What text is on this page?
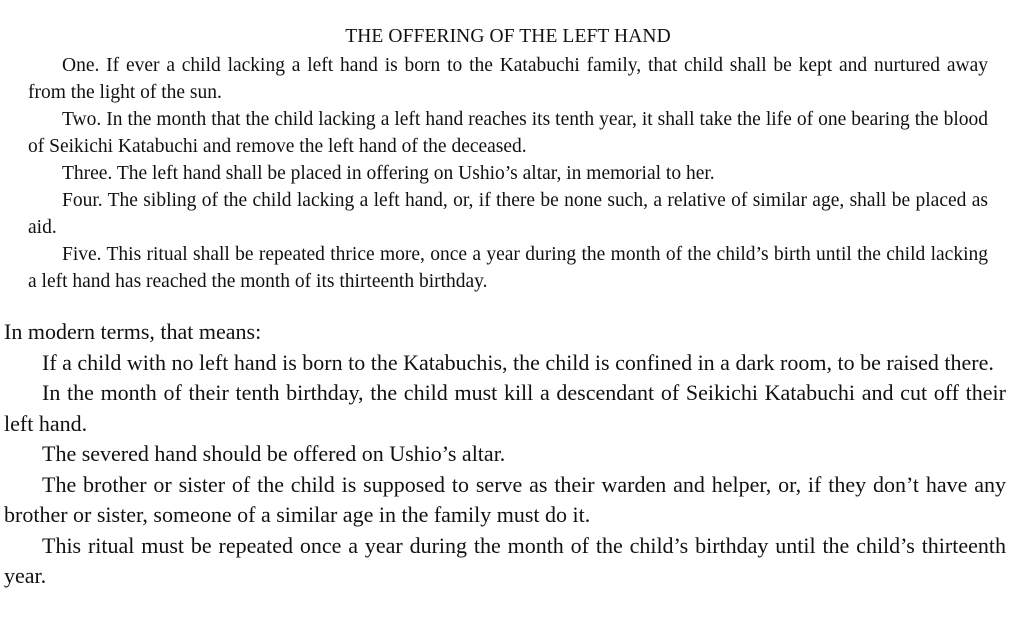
THE OFFERING OF THE LEFT HAND

One. If ever a child lacking a left hand is born to the Katabuchi family, that child shall be kept and nurtured away from the light of the sun.

Two. In the month that the child lacking a left hand reaches its tenth year, it shall take the life of one bearing the blood of Seikichi Katabuchi and remove the left hand of the deceased.

Three. The left hand shall be placed in offering on Ushio’s altar, in memorial to her.

Four. The sibling of the child lacking a left hand, or, if there be none such, a relative of similar age, shall be placed as aid.

Five. This ritual shall be repeated thrice more, once a year during the month of the child’s birth until the child lacking a left hand has reached the month of its thirteenth birthday.

In modern terms, that means:

If a child with no left hand is born to the Katabuchis, the child is confined in a dark room, to be raised there.

In the month of their tenth birthday, the child must kill a descendant of Seikichi Katabuchi and cut off their left hand.

The severed hand should be offered on Ushio’s altar.

The brother or sister of the child is supposed to serve as their warden and helper, or, if they don’t have any brother or sister, someone of a similar age in the family must do it.

This ritual must be repeated once a year during the month of the child’s birthday until the child’s thirteenth year.
